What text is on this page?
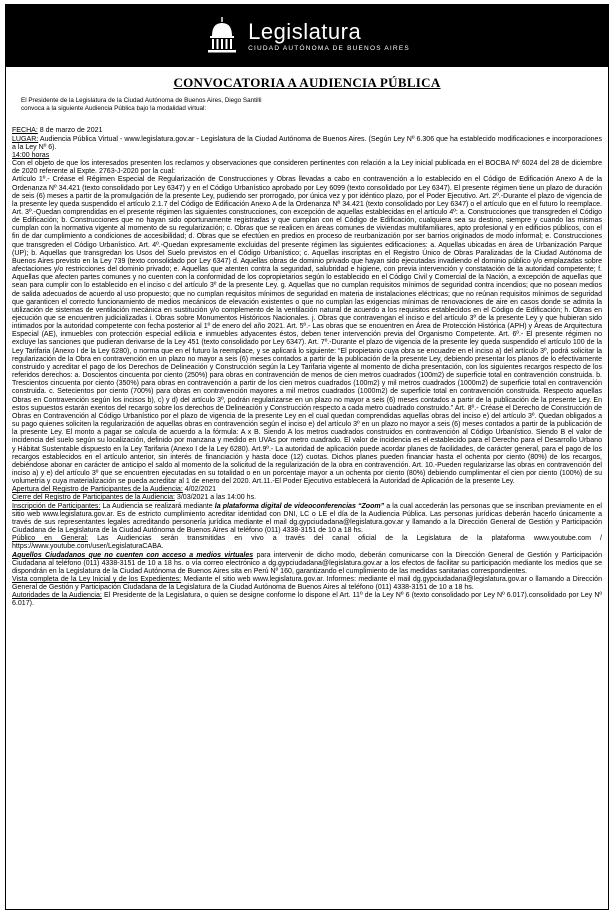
Legislatura
CIUDAD AUTÓNOMA DE BUENOS AIRES
CONVOCATORIA A AUDIENCIA PÚBLICA
El Presidente de la Legislatura de la Ciudad Autónoma de Buenos Aires, Diego Santilli
convoca a la siguiente Audiencia Pública bajo la modalidad virtual:

FECHA: 8 de marzo de 2021

LUGAR: Audiencia Pública Virtual - www.legislatura.gov.ar - Legislatura de la Ciudad Autónoma de Buenos Aires. (Según Ley Nº 6.306 que ha establecido modificaciones e incorporaciones a la Ley Nº 6).

14:00 horas

Con el objeto de que los interesados presenten los reclamos y observaciones que consideren pertinentes con relación a la Ley inicial publicada en el BOCBA Nº 6024 del 28 de diciembre de 2020 referente al Expte. 2763-J-2020 por la cual:

Artículo 1º.- Créase el Régimen Especial de Regularización de Construcciones y Obras llevadas a cabo en contravención a lo establecido en el Código de Edificación Anexo A de la Ordenanza Nº 34.421 (texto consolidado por Ley 6347) y en el Código Urbanístico aprobado por Ley 6099 (texto consolidado por Ley 6347). El presente régimen tiene un plazo de duración de seis (6) meses a partir de la promulgación de la presente Ley, pudiendo ser prorrogado, por única vez y por idéntico plazo, por el Poder Ejecutivo. Art. 2º.-Durante el plazo de vigencia de la presente ley queda suspendido el artículo 2.1.7 del Código de Edificación Anexo A de la Ordenanza Nº 34.421 (texto consolidado por Ley 6347) o el artículo que en el futuro lo reemplace. Art. 3º.-Quedan comprendidas en el presente régimen las siguientes construcciones, con excepción de aquellas establecidas en el artículo 4º: a. Construcciones que transgreden el Código de Edificación; b. Construcciones que no hayan sido oportunamente registradas y que cumplan con el Código de Edificación, cualquiera sea su destino, siempre y cuando las mismas cumplan con la normativa vigente al momento de su regularización; c. Obras que se realicen en áreas comunes de viviendas multifamiliares, apto profesional y en edificios públicos, con el fin de dar cumplimiento a condiciones de accesibilidad; d. Obras que se efectúen en predios en proceso de reurbanización por ser barrios originados de modo informal; e. Construcciones que transgreden el Código Urbanístico. Art. 4º.-Quedan expresamente excluidas del presente régimen las siguientes edificaciones: a. Aquellas ubicadas en área de Urbanización Parque (UP); b. Aquellas que transgredan los Usos del Suelo previstos en el Código Urbanístico; c. Aquellas inscriptas en el Registro Único de Obras Paralizadas de la Ciudad Autónoma de Buenos Aires previsto en la Ley 739 (texto consolidado por Ley 6347) d. Aquellas obras de dominio privado que hayan sido ejecutadas invadiendo el dominio público y/o emplazadas sobre afectaciones y/o restricciones del dominio privado; e. Aquellas que atenten contra la seguridad, salubridad e higiene, con previa intervención y constatación de la autoridad competente; f. Aquellas que afecten partes comunes y no cuenten con la conformidad de los copropietarios según lo establecido en el Código Civil y Comercial de la Nación, a excepción de aquellas que sean para cumplir con lo establecido en el inciso c del artículo 3º de la presente Ley. g. Aquellas que no cumplan requisitos mínimos de seguridad contra incendios; que no posean medios de salida adecuados de acuerdo al uso propuesto; que no cumplan requisitos mínimos de seguridad en materia de instalaciones eléctricas; que no reúnan requisitos mínimos de seguridad que garanticen el correcto funcionamiento de medios mecánicos de elevación existentes o que no cumplan las exigencias mínimas de renovaciones de aire en casos donde se admita la utilización de sistemas de ventilación mecánica en sustitución y/o complemento de la ventilación natural de acuerdo a los requisitos establecidos en el Código de Edificación; h. Obras en ejecución que se encuentren judicializadas i. Obras sobre Monumentos Históricos Nacionales. j. Obras que contravengan el inciso e del artículo 3º de la presente Ley y que hubieran sido intimados por la autoridad competente con fecha posterior al 1º de enero del año 2021. Art. 5º.- Las obras que se encuentren en Área de Protección Histórica (APH) y Áreas de Arquitectura Especial (AE), inmuebles con protección especial edilicia e inmuebles adyacentes éstos, deben tener intervención previa del Organismo Competente. Art. 6º.- El presente régimen no excluye las sanciones que pudieran derivarse de la Ley 451 (texto consolidado por Ley 6347). Art. 7º.-Durante el plazo de vigencia de la presente ley queda suspendido el artículo 100 de la Ley Tarifaria (Anexo I de la Ley 6280), o norma que en el futuro la reemplace, y se aplicará lo siguiente: “El propietario cuya obra se encuadre en el inciso a) del artículo 3º, podrá solicitar la regularización de la Obra en contravención en un plazo no mayor a seis (6) meses contados a partir de la publicación de la presente Ley, debiendo presentar los planos de lo efectivamente construido y acreditar el pago de los Derechos de Delineación y Construcción según la Ley Tarifaria vigente al momento de dicha presentación, con los siguientes recargos respecto de los referidos derechos: a. Doscientos cincuenta por ciento (250%) para obras en contravención de menos de cien metros cuadrados (100m2) de superficie total en contravención construida. b. Trescientos cincuenta por ciento (350%) para obras en contravención a partir de los cien metros cuadrados (100m2) y mil metros cuadrados (1000m2) de superficie total en contravención construida. c. Setecientos por ciento (700%) para obras en contravención mayores a mil metros cuadrados (1000m2) de superficie total en contravención construida. Respecto aquellas Obras en Contravención según los incisos b), c) y d) del artículo 3º, podrán regularizarse en un plazo no mayor a seis (6) meses contados a partir de la publicación de la presente Ley. En estos supuestos estarán exentos del recargo sobre los derechos de Delineación y Construcción respecto a cada metro cuadrado construido.” Art. 8º.- Créase el Derecho de Construcción de Obras en Contravención al Código Urbanístico por el plazo de vigencia de la presente Ley en el cual quedan comprendidas aquellas obras del inciso e) del artículo 3º. Quedan obligados a su pago quienes soliciten la regularización de aquellas obras en contravención según el inciso e) del artículo 3º en un plazo no mayor a seis (6) meses contados a partir de la publicación de la presente Ley. El monto a pagar se calcula de acuerdo a la fórmula: A x B. Siendo A los metros cuadrados construidos en contravención al Código Urbanístico. Siendo B el valor de incidencia del suelo según su localización, definido por manzana y medido en UVAs por metro cuadrado. El valor de incidencia es el establecido para el Derecho para el Desarrollo Urbano y Hábitat Sustentable dispuesto en la Ley Tarifaria (Anexo I de la Ley 6280). Art.9º.- La autoridad de aplicación puede acordar planes de facilidades, de carácter general, para el pago de los recargos establecidos en el artículo anterior, sin interés de financiación y hasta doce (12) cuotas. Dichos planes pueden financiar hasta el ochenta por ciento (80%) de los recargos, debiéndose abonar en carácter de anticipo el saldo al momento de la solicitud de la regularización de la obra en contravención. Art. 10.-Pueden regularizarse las obras en contravención del inciso a) y e) del artículo 3º que se encuentren ejecutadas en su totalidad o en un porcentaje mayor a un ochenta por ciento (80%) debiendo cumplimentar el cien por ciento (100%) de su volumetría y cuya materialización se pueda acreditar al 1 de enero del 2020. Art.11.-El Poder Ejecutivo establecerá la Autoridad de Aplicación de la presente Ley.

Apertura del Registro de Participantes de la Audiencia: 4/02/2021

Cierre del Registro de Participantes de la Audiencia: 3/03/2021 a las 14:00 hs.

Inscripción de Participantes: La Audiencia se realizará mediante la plataforma digital de videoconferencias “Zoom” a la cual accederán las personas que se inscriban previamente en el sitio web www.legislatura.gov.ar. Es de estricto cumplimiento acreditar identidad con DNI, LC o LE el día de la Audiencia Pública. Las personas jurídicas deberán hacerlo únicamente a través de sus representantes legales acreditando personería jurídica mediante el mail dg.gypciudadana@legislatura.gov.ar y llamando a la Dirección General de Gestión y Participación Ciudadana de la Legislatura de la Ciudad Autónoma de Buenos Aires al teléfono (011) 4338-3151 de 10 a 18 hs.

Público en General: Las Audiencias serán transmitidas en vivo a través del canal oficial de la Legislatura de la plataforma www.youtube.com / https://www.youtube.com/user/LegislaturaCABA.

Aquellos Ciudadanos que no cuenten con acceso a medios virtuales para intervenir de dicho modo, deberán comunicarse con la Dirección General de Gestión y Participación Ciudadana al teléfono (011) 4338-3151 de 10 a 18 hs. o vía correo electrónico a dg.gypciudadana@legislatura.gov.ar a los efectos de facilitar su participación mediante los medios que se dispondrán en la Legislatura de la Ciudad Autónoma de Buenos Aires sita en Perú Nº 160, garantizando el cumplimiento de las medidas sanitarias correspondientes.

Vista completa de la Ley Inicial y de los Expedientes: Mediante el sitio web www.legislatura.gov.ar. Informes: mediante el mail dg.gypciudadana@legislatura.gov.ar o llamando a Dirección General de Gestión y Participación Ciudadana de la Legislatura de la Ciudad Autónoma de Buenos Aires al teléfono (011) 4338-3151 de 10 a 18 hs.

Autoridades de la Audiencia: El Presidente de la Legislatura, o quien se designe conforme lo dispone el Art. 11º de la Ley Nº 6 (texto consolidado por Ley Nº 6.017).consolidado por Ley Nº 6.017).
